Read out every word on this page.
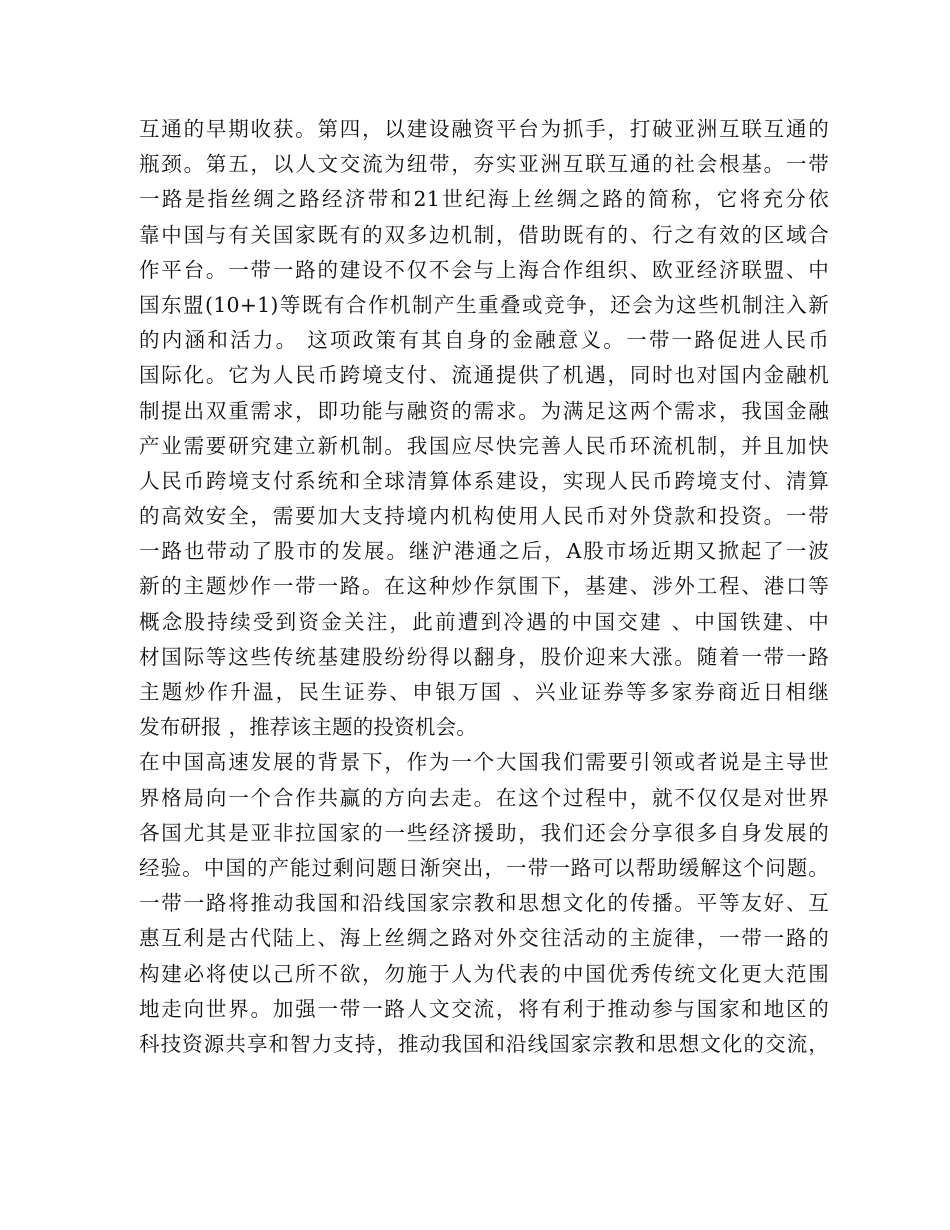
互通的早期收获。第四，以建设融资平台为抓手，打破亚洲互联互通的
瓶颈。第五，以人文交流为纽带，夯实亚洲互联互通的社会根基。一带
一路是指丝绸之路经济带和21世纪海上丝绸之路的简称，它将充分依
靠中国与有关国家既有的双多边机制，借助既有的、行之有效的区域合
作平台。一带一路的建设不仅不会与上海合作组织、欧亚经济联盟、中
国东盟(10+1)等既有合作机制产生重叠或竞争，还会为这些机制注入新
的内涵和活力。 这项政策有其自身的金融意义。一带一路促进人民币
国际化。它为人民币跨境支付、流通提供了机遇，同时也对国内金融机
制提出双重需求，即功能与融资的需求。为满足这两个需求，我国金融
产业需要研究建立新机制。我国应尽快完善人民币环流机制，并且加快
人民币跨境支付系统和全球清算体系建设，实现人民币跨境支付、清算
的高效安全，需要加大支持境内机构使用人民币对外贷款和投资。一带
一路也带动了股市的发展。继沪港通之后，A股市场近期又掀起了一波
新的主题炒作一带一路。在这种炒作氛围下，基建、涉外工程、港口等
概念股持续受到资金关注，此前遭到冷遇的中国交建 、中国铁建、中
材国际等这些传统基建股纷纷得以翻身，股价迎来大涨。随着一带一路
主题炒作升温，民生证券、申银万国 、兴业证券等多家券商近日相继
发布研报 ，推荐该主题的投资机会。
在中国高速发展的背景下，作为一个大国我们需要引领或者说是主导世
界格局向一个合作共赢的方向去走。在这个过程中，就不仅仅是对世界
各国尤其是亚非拉国家的一些经济援助，我们还会分享很多自身发展的
经验。中国的产能过剩问题日渐突出，一带一路可以帮助缓解这个问题。
一带一路将推动我国和沿线国家宗教和思想文化的传播。平等友好、互
惠互利是古代陆上、海上丝绸之路对外交往活动的主旋律，一带一路的
构建必将使以己所不欲，勿施于人为代表的中国优秀传统文化更大范围
地走向世界。加强一带一路人文交流，将有利于推动参与国家和地区的
科技资源共享和智力支持，推动我国和沿线国家宗教和思想文化的交流，
